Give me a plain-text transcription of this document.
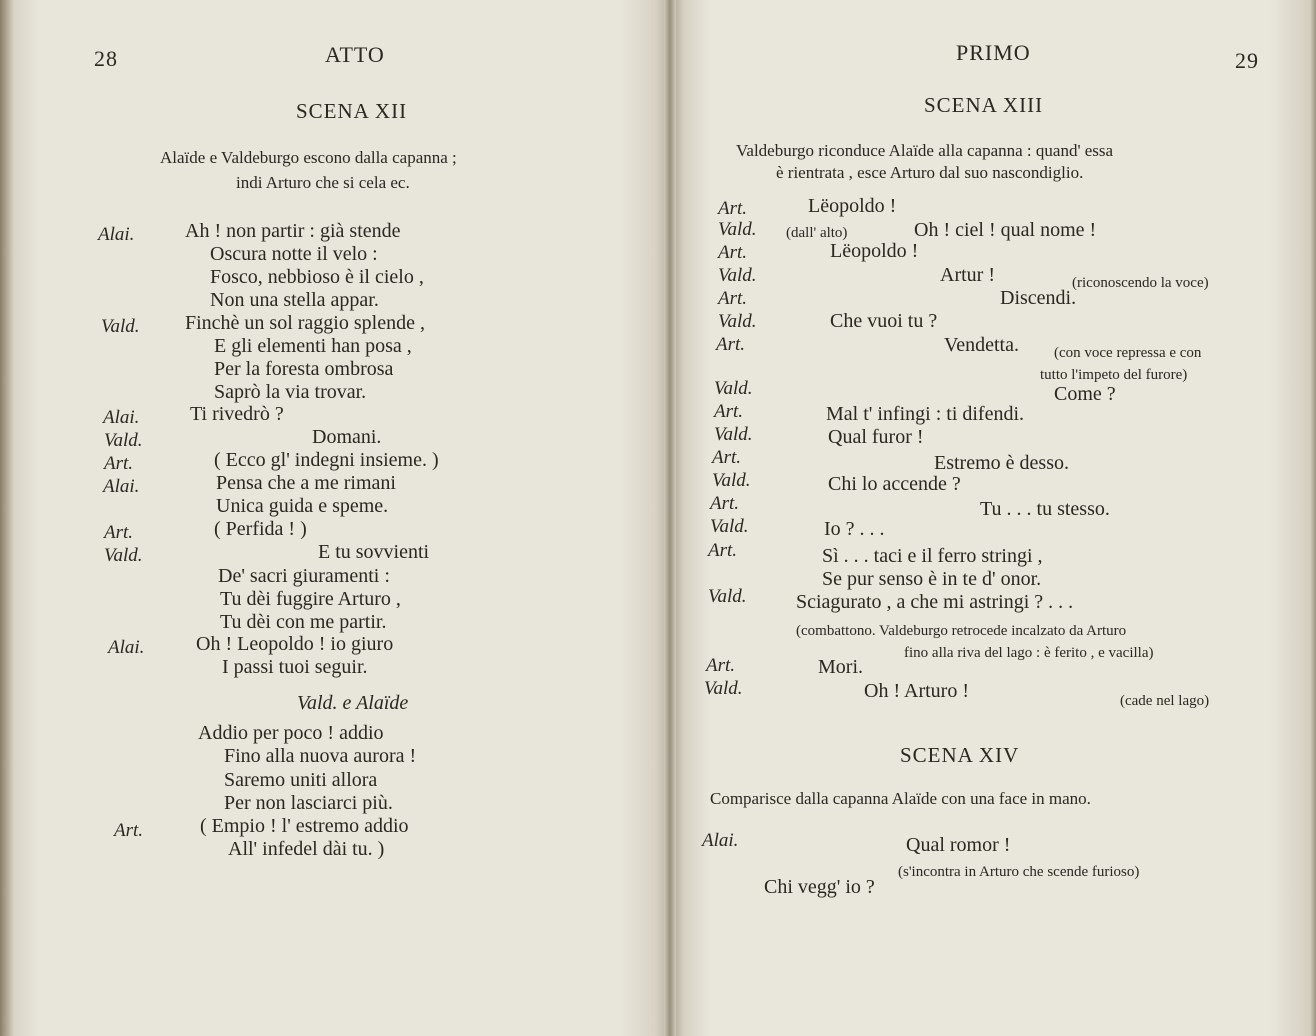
28	ATTO
SCENA XII
Alaïde e Valdeburgo escono dalla capanna ;
indi Arturo che si cela ec.
Alai.	Ah ! non partir : già stende
Oscura notte il velo :
Fosco, nebbioso è il cielo ,
Non una stella appar.
Vald. Finchè un sol raggio splende ,
E gli elementi han posa ,
Per la foresta ombrosa
Saprò la via trovar.
Alai.	Ti rivedrò ?
Vald.	Domani.
Art.	( Ecco gl' indegni insieme. )
Alai.	Pensa che a me rimani
Unica guida e speme.
Art.	( Perfida ! )
Vald.	E tu sovvienti
De' sacri giuramenti :
Tu dèi fuggire Arturo ,
Tu dèi con me partir.
Alai.	Oh ! Leopoldo ! io giuro
I passi tuoi seguir.
Vald. e Alaïde
Addio per poco ! addio
Fino alla nuova aurora !
Saremo uniti allora
Per non lasciarci più.
Art.	( Empio ! l' estremo addio
All' infedel dài tu. )
PRIMO	29
SCENA XIII
Valdeburgo riconduce Alaïde alla capanna : quand' essa
è rientrata , esce Arturo dal suo nascondiglio.
Art.	Lëopoldo !
Vald. (dall' alto)	Oh ! ciel ! qual nome !
Art.	Lëopoldo !
Vald.	Artur !	(riconoscendo la voce)
Art.	Discendi.
Vald.	Che vuoi tu ?
Art.	Vendetta. (con voce repressa e con
tutto l'impeto del furore)
Vald.	Come ?
Art.	Mal t' infingi : ti difendi.
Vald.	Qual furor !
Art.	Estremo è desso.
Vald.	Chi lo accende ?
Art.	Tu . . . tu stesso.
Vald.	Io ? . . .
Art.	Sì . . . taci e il ferro stringi ,
Se pur senso è in te d' onor.
Vald. Sciagurato , a che mi astringi ? . . .
(combattono. Valdeburgo retrocede incalzato da Arturo
fino alla riva del lago : è ferito , e vacilla)
Art.	Mori.
Vald.	Oh ! Arturo !	(cade nel lago)
SCENA XIV
Comparisce dalla capanna Alaïde con una face in mano.
Alai.	Qual romor !
(s'incontra in Arturo che scende furioso)
Chi vegg' io ?
